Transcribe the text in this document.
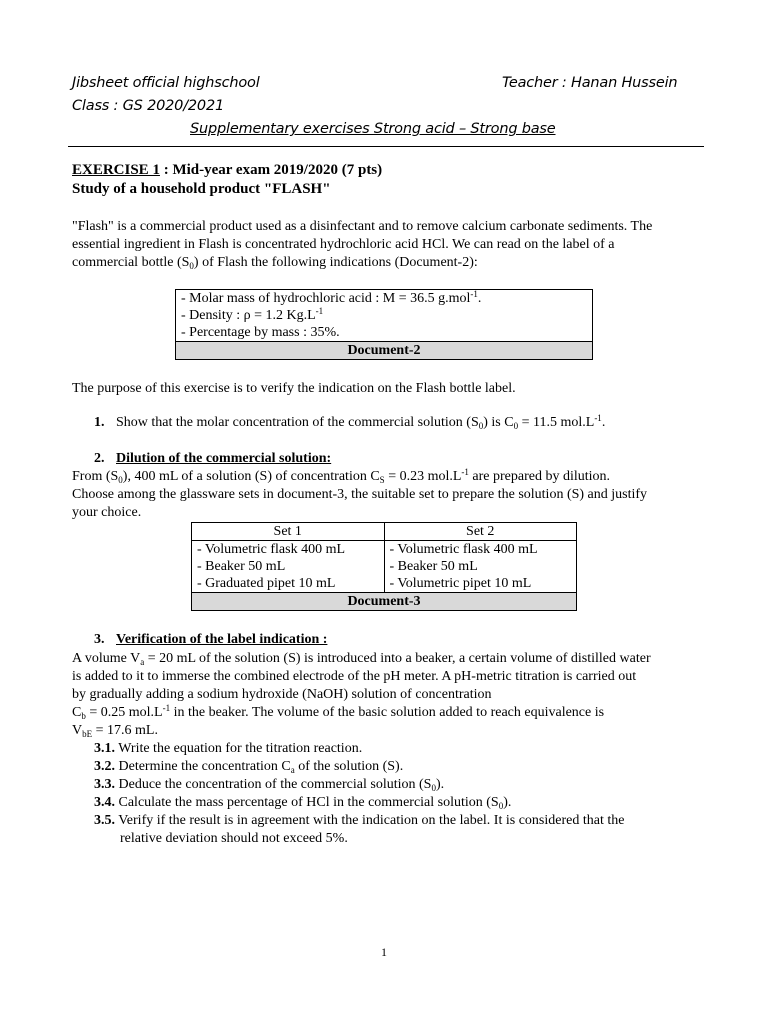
Jibsheet official highschool
Class : GS 2020/2021
Teacher : Hanan Hussein
Supplementary exercises Strong acid – Strong base
EXERCISE 1 : Mid-year exam 2019/2020 (7 pts)
Study of a household product "FLASH"
"Flash" is a commercial product used as a disinfectant and to remove calcium carbonate sediments. The
essential ingredient in Flash is concentrated hydrochloric acid HCl. We can read on the label of a
commercial bottle $(S_0)$ of Flash the following indications (Document-2):
- Molar mass of hydrochloric acid : M = 36.5 g.mol$^{-1}$.
- Density : ρ = 1.2 $Kg.L^{-1}$
- Percentage by mass : 35%.
Document-2
The purpose of this exercise is to verify the indication on the Flash bottle label.
1. Show that the molar concentration of the commercial solution $(S_0)$ is $C_0 = 11.5$ $mol.L^{-1}$.
2. Dilution of the commercial solution:
From $(S_0)$, 400 mL of a solution (S) of concentration $C_S = 0.23$ $mol.L^{-1}$ are prepared by dilution.
Choose among the glassware sets in document-3, the suitable set to prepare the solution (S) and justify
your choice.
Set 1	Set 2
- Volumetric flask 400 mL	- Volumetric flask 400 mL
- Beaker 50 mL	- Beaker 50 mL
- Graduated pipet 10 mL	- Volumetric pipet 10 mL
Document-3	
3. Verification of the label indication :
A volume $V_a = 20$ mL of the solution (S) is introduced into a beaker, a certain volume of distilled water
is added to it to immerse the combined electrode of the pH meter. A pH-metric titration is carried out
by gradually adding a sodium hydroxide (NaOH) solution of concentration
$C_b = 0.25$ $mol.L^{-1}$ in the beaker. The volume of the basic solution added to reach equivalence is
$V_{bE} = 17.6$ mL.
3.1. Write the equation for the titration reaction.
3.2. Determine the concentration $C_a$ of the solution (S).
3.3. Deduce the concentration of the commercial solution $(S_0)$.
3.4. Calculate the mass percentage of HCl in the commercial solution $(S_0)$.
3.5. Verify if the result is in agreement with the indication on the label. It is considered that the
relative deviation should not exceed 5%.
1
